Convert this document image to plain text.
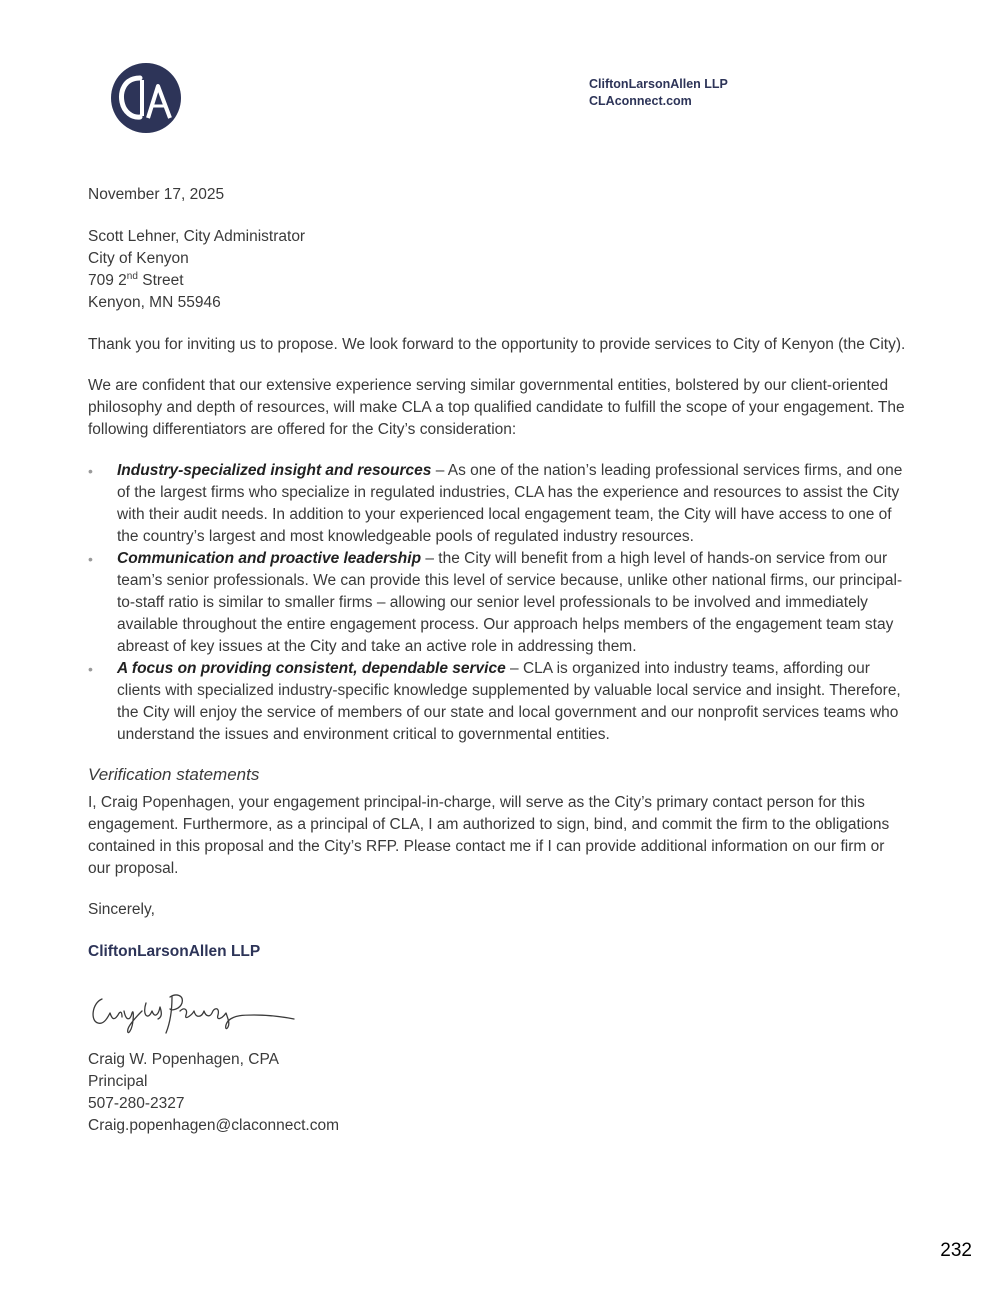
CliftonLarsonAllen LLP
CLAconnect.com

November 17, 2025

Scott Lehner, City Administrator

City of Kenyon

709 2nd Street

Kenyon, MN 55946

Thank you for inviting us to propose. We look forward to the opportunity to provide services to City of Kenyon (the City).

We are confident that our extensive experience serving similar governmental entities, bolstered by our client-oriented philosophy and depth of resources, will make CLA a top qualified candidate to fulfill the scope of your engagement. The following differentiators are offered for the City’s consideration:

• Industry-specialized insight and resources – As one of the nation’s leading professional services firms, and one of the largest firms who specialize in regulated industries, CLA has the experience and resources to assist the City with their audit needs. In addition to your experienced local engagement team, the City will have access to one of the country’s largest and most knowledgeable pools of regulated industry resources.
• Communication and proactive leadership – the City will benefit from a high level of hands-on service from our team’s senior professionals. We can provide this level of service because, unlike other national firms, our principal-to-staff ratio is similar to smaller firms – allowing our senior level professionals to be involved and immediately available throughout the entire engagement process. Our approach helps members of the engagement team stay abreast of key issues at the City and take an active role in addressing them.
• A focus on providing consistent, dependable service – CLA is organized into industry teams, affording our clients with specialized industry-specific knowledge supplemented by valuable local service and insight. Therefore, the City will enjoy the service of members of our state and local government and our nonprofit services teams who understand the issues and environment critical to governmental entities.

Verification statements

I, Craig Popenhagen, your engagement principal-in-charge, will serve as the City’s primary contact person for this engagement. Furthermore, as a principal of CLA, I am authorized to sign, bind, and commit the firm to the obligations contained in this proposal and the City’s RFP. Please contact me if I can provide additional information on our firm or our proposal.

Sincerely,

CliftonLarsonAllen LLP

Craig W. Popenhagen, CPA

Principal

507-280-2327

Craig.popenhagen@claconnect.com

232
